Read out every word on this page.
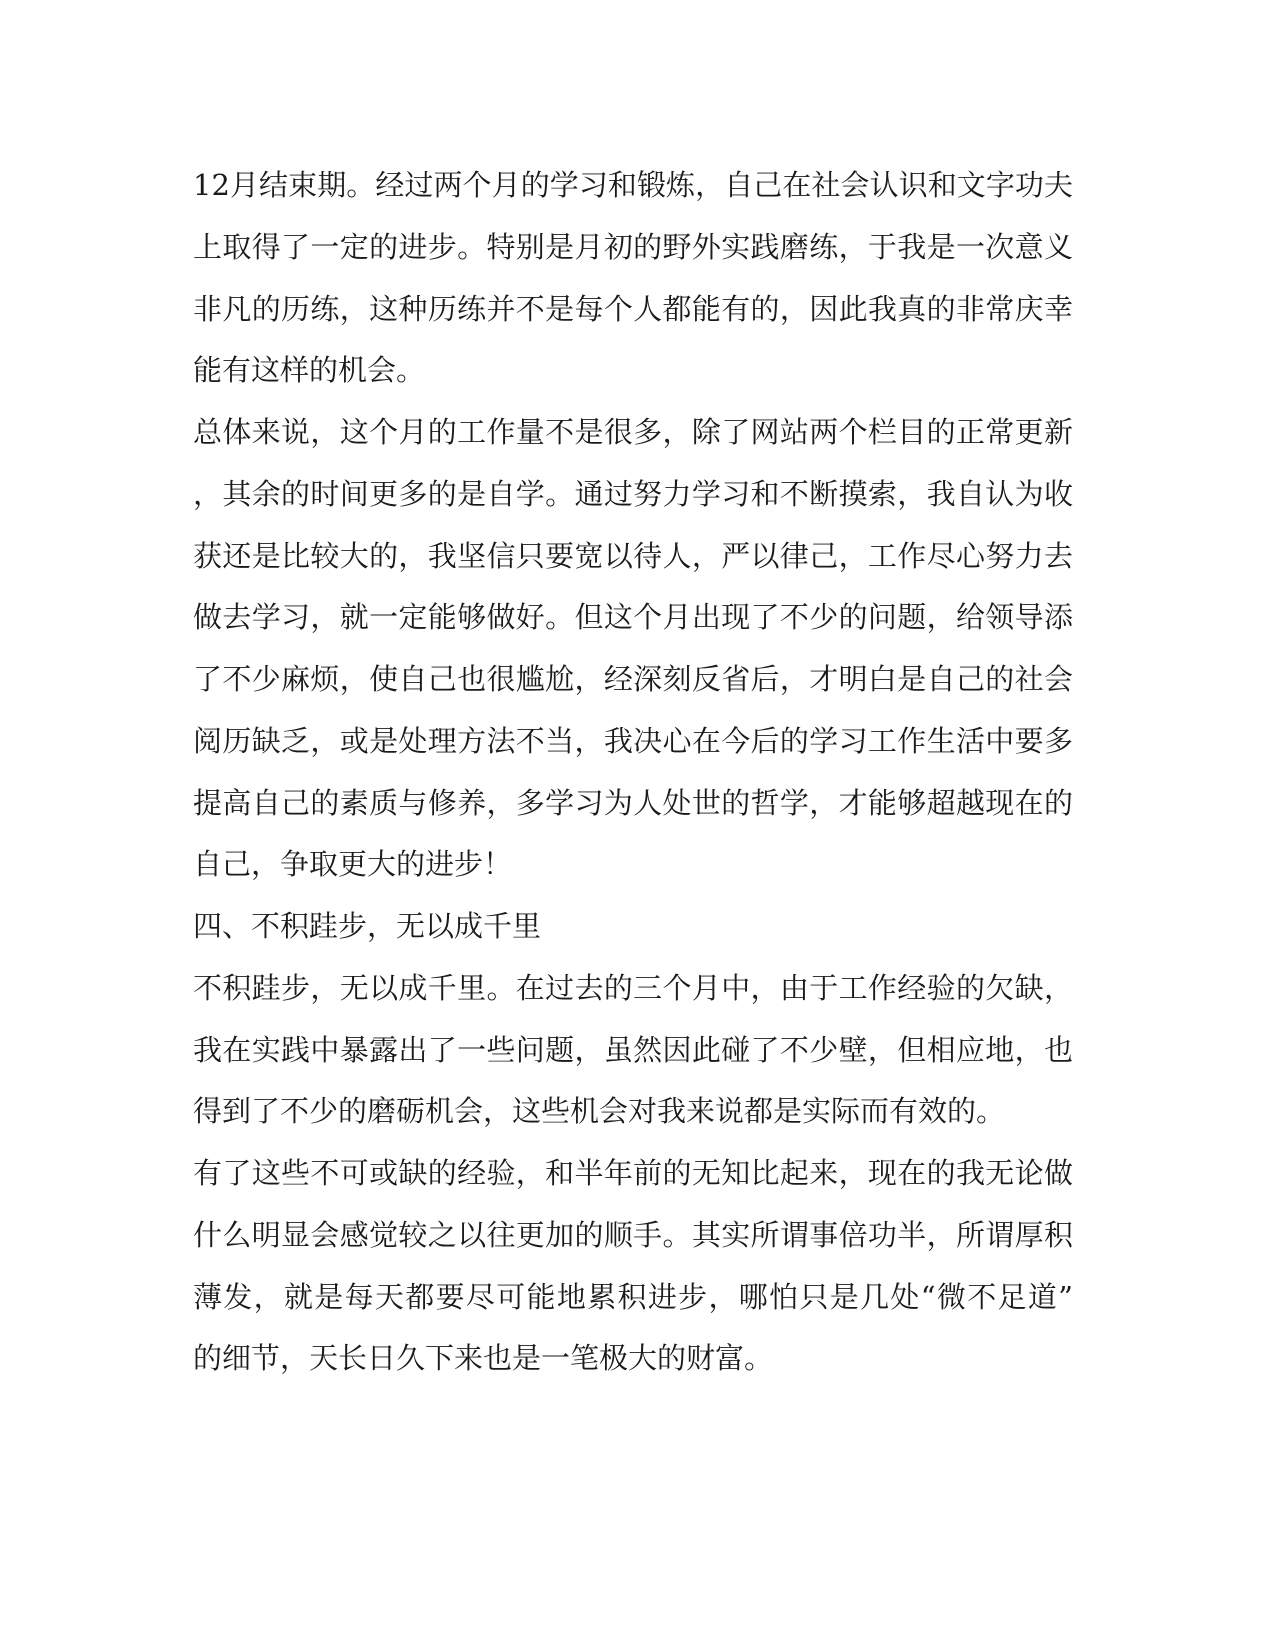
12月结束期。经过两个月的学习和锻炼，自己在社会认识和文字功夫
上取得了一定的进步。特别是月初的野外实践磨练，于我是一次意义
非凡的历练，这种历练并不是每个人都能有的，因此我真的非常庆幸
能有这样的机会。
总体来说，这个月的工作量不是很多，除了网站两个栏目的正常更新
，其余的时间更多的是自学。通过努力学习和不断摸索，我自认为收
获还是比较大的，我坚信只要宽以待人，严以律己，工作尽心努力去
做去学习，就一定能够做好。但这个月出现了不少的问题，给领导添
了不少麻烦，使自己也很尴尬，经深刻反省后，才明白是自己的社会
阅历缺乏，或是处理方法不当，我决心在今后的学习工作生活中要多
提高自己的素质与修养，多学习为人处世的哲学，才能够超越现在的
自己，争取更大的进步！
四、不积跬步，无以成千里
不积跬步，无以成千里。在过去的三个月中，由于工作经验的欠缺，
我在实践中暴露出了一些问题，虽然因此碰了不少壁，但相应地，也
得到了不少的磨砺机会，这些机会对我来说都是实际而有效的。
有了这些不可或缺的经验，和半年前的无知比起来，现在的我无论做
什么明显会感觉较之以往更加的顺手。其实所谓事倍功半，所谓厚积
薄发，就是每天都要尽可能地累积进步，哪怕只是几处“微不足道”
的细节，天长日久下来也是一笔极大的财富。
